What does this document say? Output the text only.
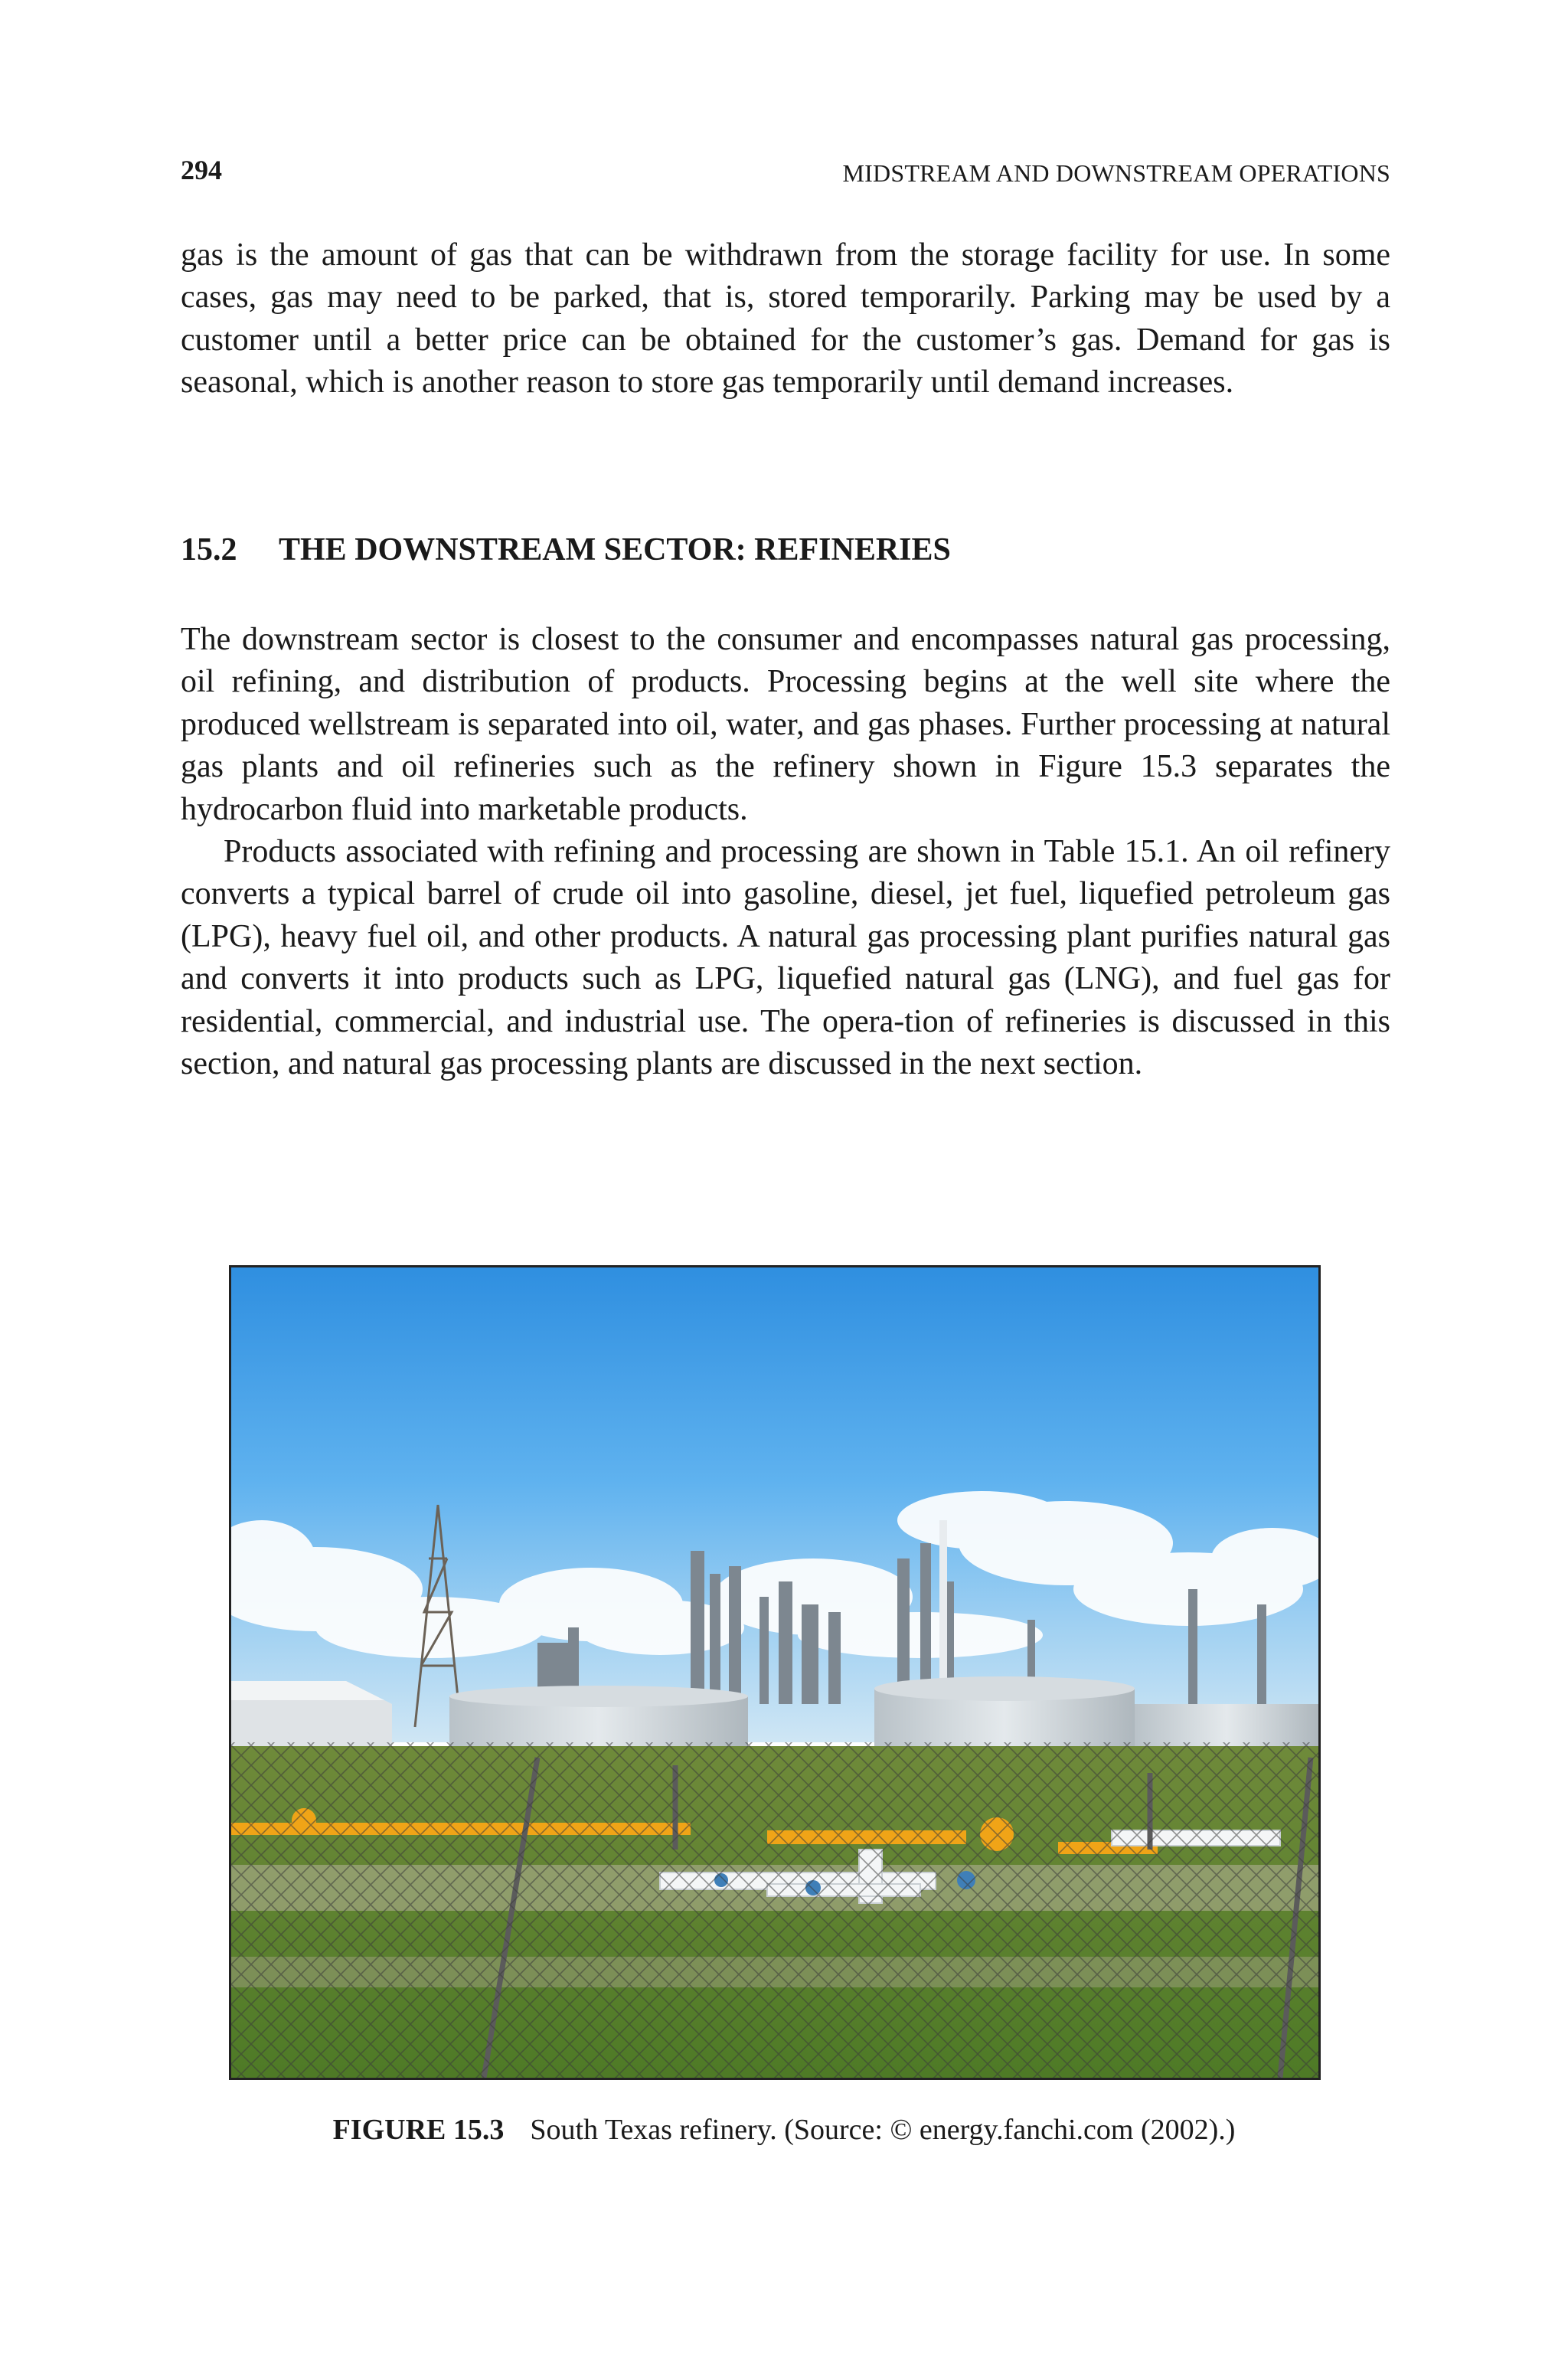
294	MIDSTREAM AND DOWNSTREAM OPERATIONS

gas is the amount of gas that can be withdrawn from the storage facility for use. In some cases, gas may need to be parked, that is, stored temporarily. Parking may be used by a customer until a better price can be obtained for the customer’s gas. Demand for gas is seasonal, which is another reason to store gas temporarily until demand increases.

15.2 THE DOWNSTREAM SECTOR: REFINERIES

The downstream sector is closest to the consumer and encompasses natural gas processing, oil refining, and distribution of products. Processing begins at the well site where the produced wellstream is separated into oil, water, and gas phases. Further processing at natural gas plants and oil refineries such as the refinery shown in Figure 15.3 separates the hydrocarbon fluid into marketable products.

Products associated with refining and processing are shown in Table 15.1. An oil refinery converts a typical barrel of crude oil into gasoline, diesel, jet fuel, liquefied petroleum gas (LPG), heavy fuel oil, and other products. A natural gas processing plant purifies natural gas and converts it into products such as LPG, liquefied natural gas (LNG), and fuel gas for residential, commercial, and industrial use. The opera-tion of refineries is discussed in this section, and natural gas processing plants are discussed in the next section.

FIGURE 15.3 South Texas refinery. (Source: © energy.fanchi.com (2002).)
